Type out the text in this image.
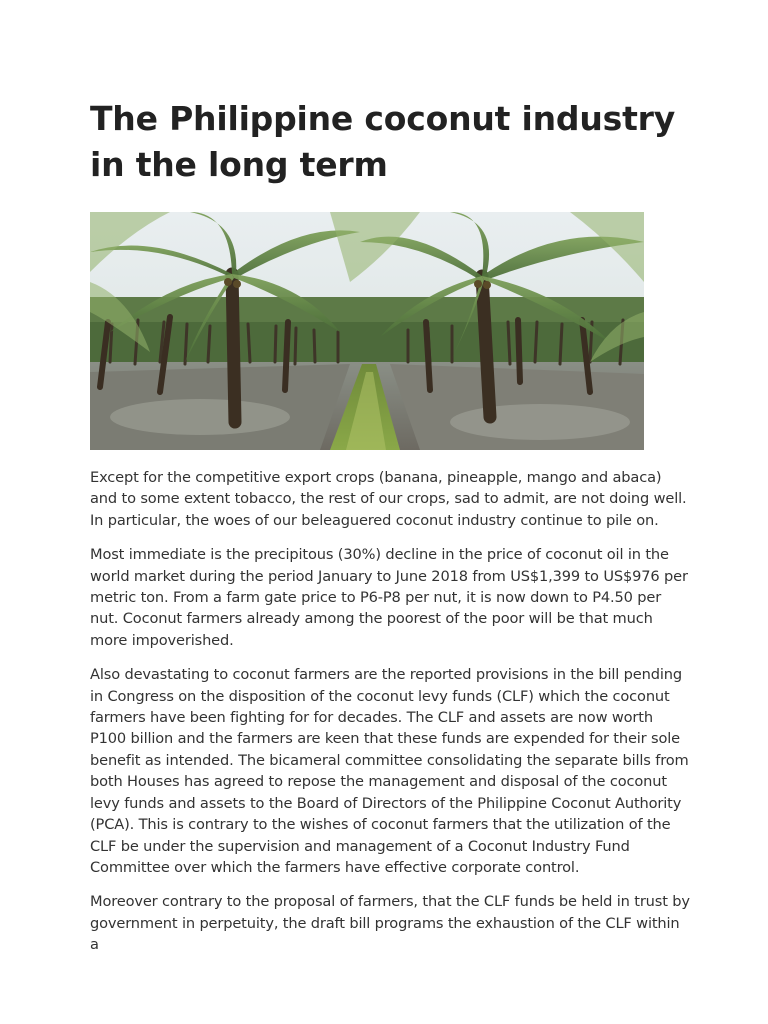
The Philippine coconut industry in the long term

Except for the competitive export crops (banana, pineapple, mango and abaca) and to some extent tobacco, the rest of our crops, sad to admit, are not doing well. In particular, the woes of our beleaguered coconut industry continue to pile on.

Most immediate is the precipitous (30%) decline in the price of coconut oil in the world market during the period January to June 2018 from US$1,399 to US$976 per metric ton. From a farm gate price to P6-P8 per nut, it is now down to P4.50 per nut. Coconut farmers already among the poorest of the poor will be that much more impoverished.

Also devastating to coconut farmers are the reported provisions in the bill pending in Congress on the disposition of the coconut levy funds (CLF) which the coconut farmers have been fighting for for decades. The CLF and assets are now worth P100 billion and the farmers are keen that these funds are expended for their sole benefit as intended. The bicameral committee consolidating the separate bills from both Houses has agreed to repose the management and disposal of the coconut levy funds and assets to the Board of Directors of the Philippine Coconut Authority (PCA). This is contrary to the wishes of coconut farmers that the utilization of the CLF be under the supervision and management of a Coconut Industry Fund Committee over which the farmers have effective corporate control.

Moreover contrary to the proposal of farmers, that the CLF funds be held in trust by government in perpetuity, the draft bill programs the exhaustion of the CLF within a
